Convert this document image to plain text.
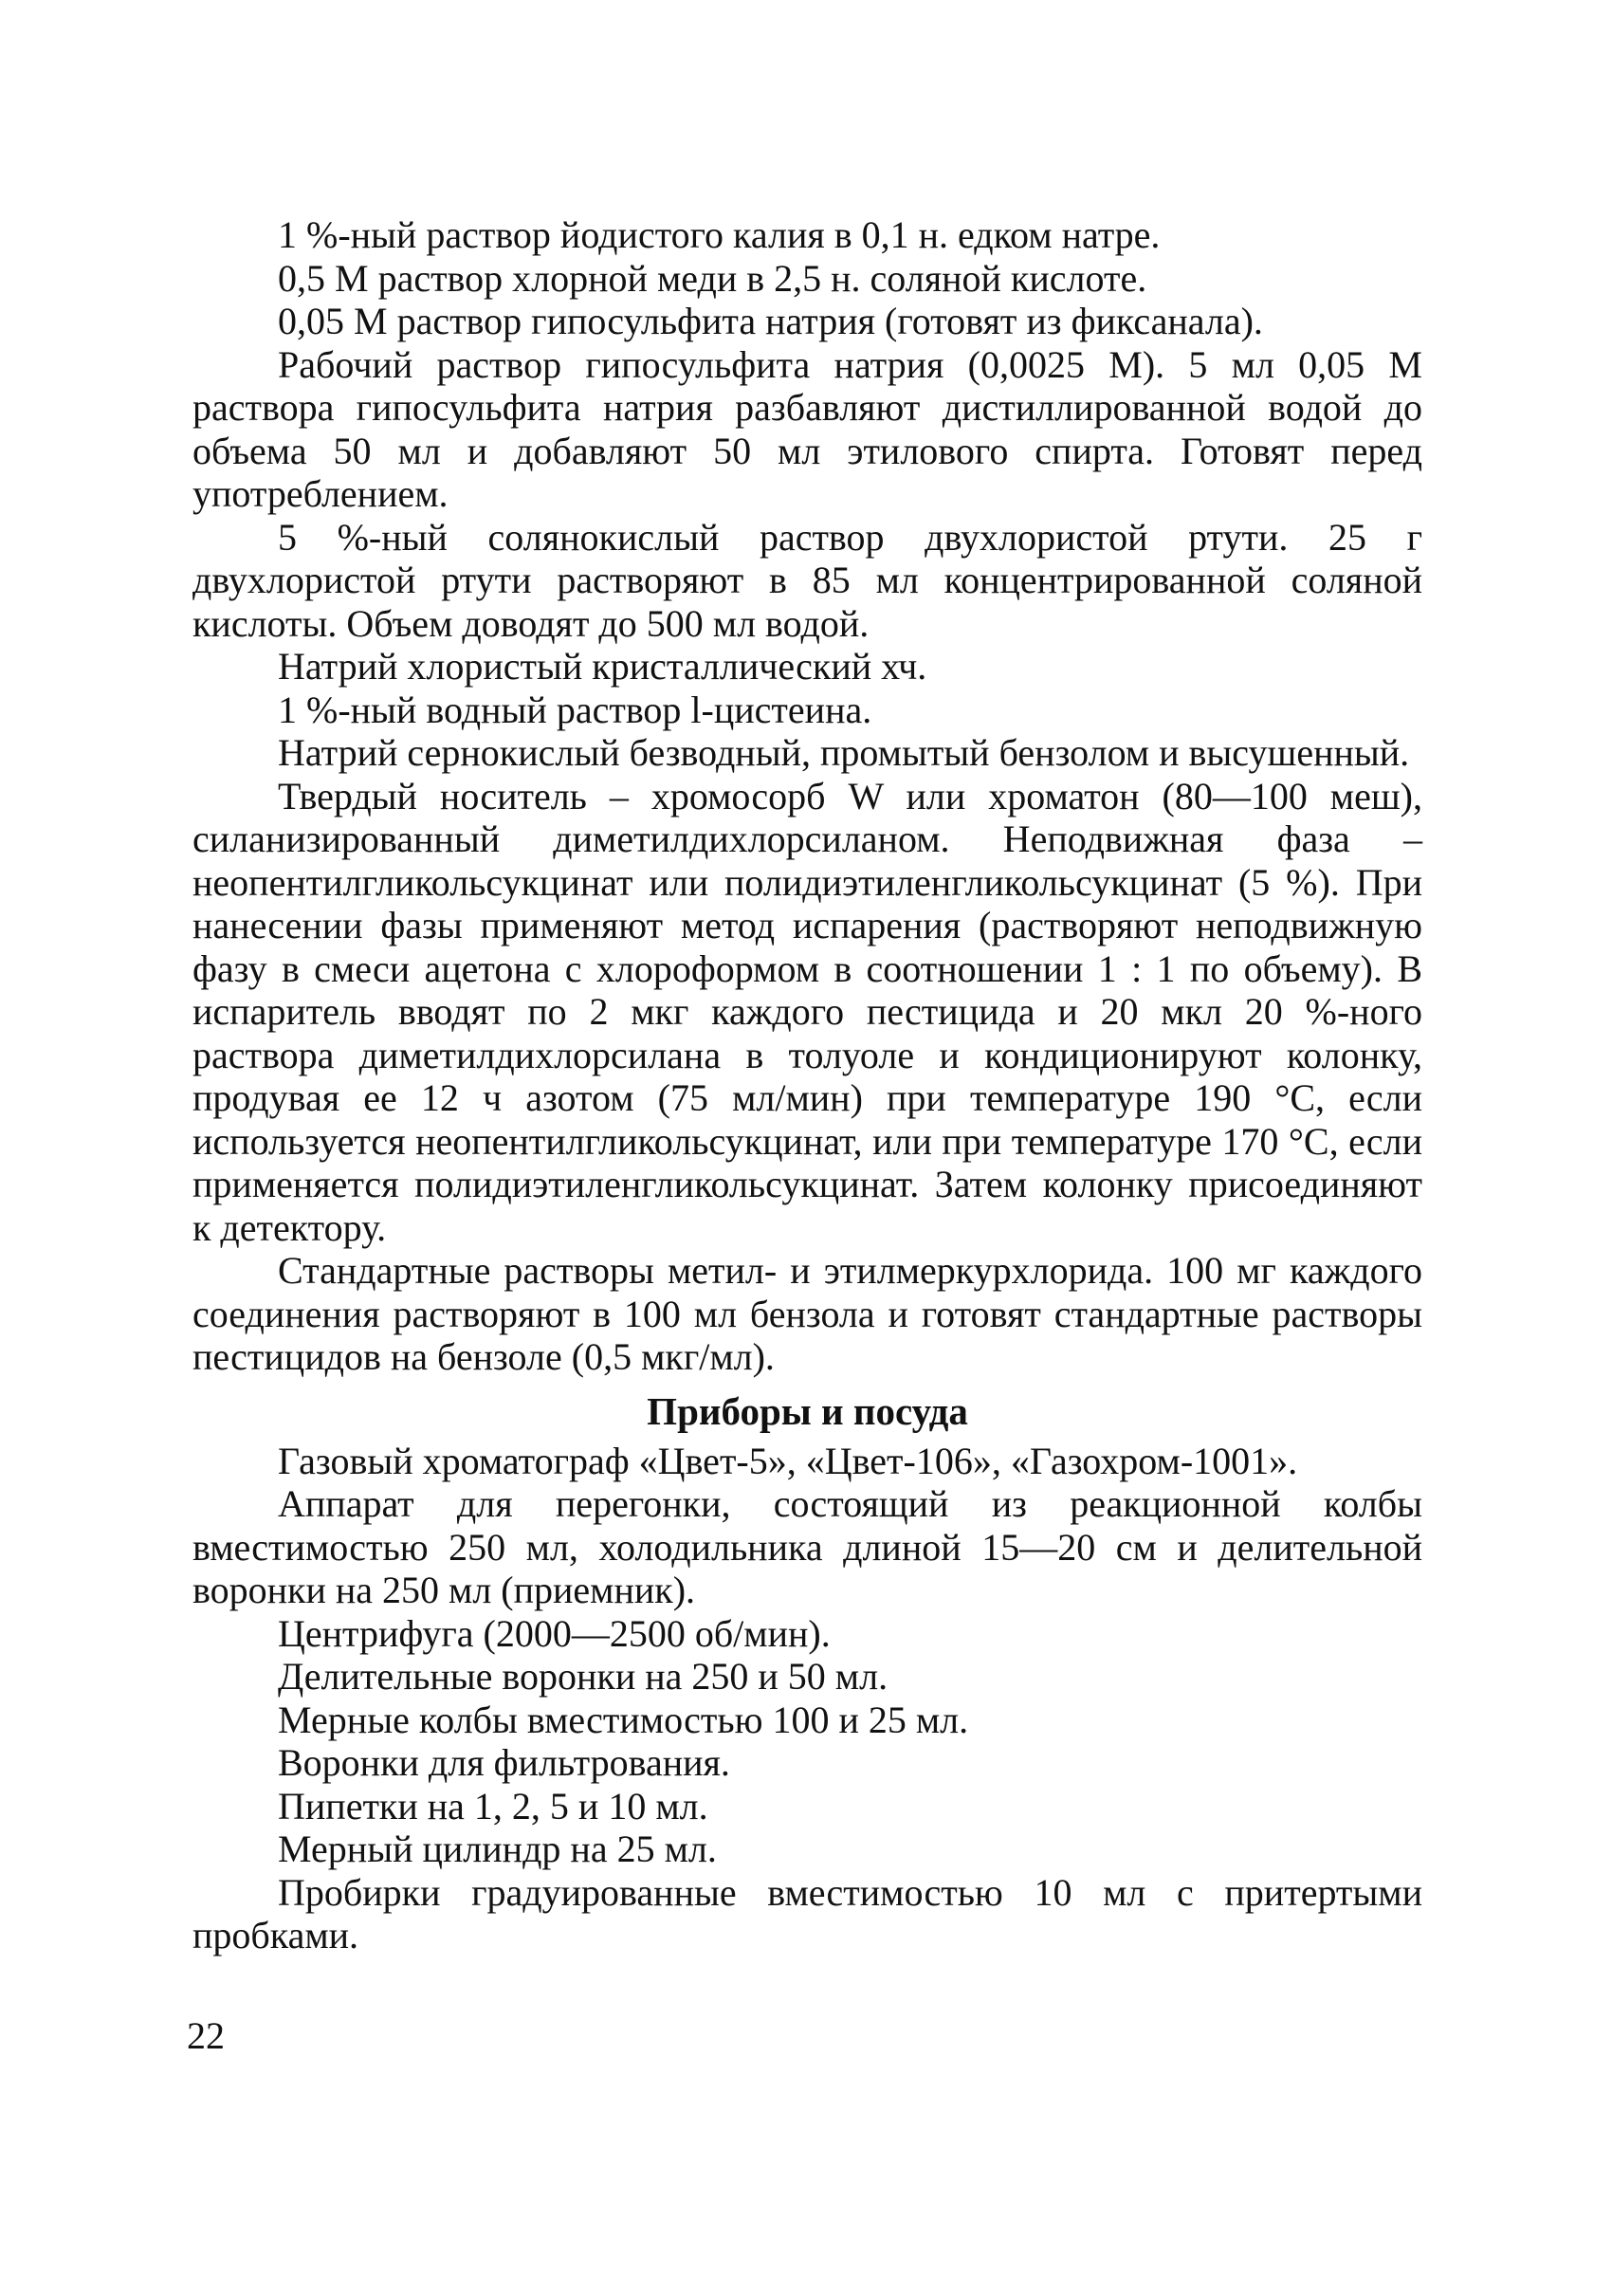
1 %-ный раствор йодистого калия в 0,1 н. едком натре.

0,5 М раствор хлорной меди в 2,5 н. соляной кислоте.

0,05 М раствор гипосульфита натрия (готовят из фиксанала).

Рабочий раствор гипосульфита натрия (0,0025 М). 5 мл 0,05 М раствора гипосульфита натрия разбавляют дистиллированной водой до объема 50 мл и добавляют 50 мл этилового спирта. Готовят перед употреблением.

5 %-ный солянокислый раствор двухлористой ртути. 25 г двухлористой ртути растворяют в 85 мл концентрированной соляной кислоты. Объем доводят до 500 мл водой.

Натрий хлористый кристаллический хч.

1 %-ный водный раствор l-цистеина.

Натрий сернокислый безводный, промытый бензолом и высушенный.

Твердый носитель – хромосорб W или хроматон (80—100 меш), силанизированный диметилдихлорсиланом. Неподвижная фаза – неопентилгликольсукцинат или полидиэтиленгликольсукцинат (5 %). При нанесении фазы применяют метод испарения (растворяют неподвижную фазу в смеси ацетона с хлороформом в соотношении 1 : 1 по объему). В испаритель вводят по 2 мкг каждого пестицида и 20 мкл 20 %-ного раствора диметилдихлорсилана в толуоле и кондиционируют колонку, продувая ее 12 ч азотом (75 мл/мин) при температуре 190 °С, если используется неопентилгликольсукцинат, или при температуре 170 °С, если применяется полидиэтиленгликольсукцинат. Затем колонку присоединяют к детектору.

Стандартные растворы метил- и этилмеркурхлорида. 100 мг каждого соединения растворяют в 100 мл бензола и готовят стандартные растворы пестицидов на бензоле (0,5 мкг/мл).

Приборы и посуда

Газовый хроматограф «Цвет-5», «Цвет-106», «Газохром-1001».

Аппарат для перегонки, состоящий из реакционной колбы вместимостью 250 мл, холодильника длиной 15—20 см и делительной воронки на 250 мл (приемник).

Центрифуга (2000—2500 об/мин).

Делительные воронки на 250 и 50 мл.

Мерные колбы вместимостью 100 и 25 мл.

Воронки для фильтрования.

Пипетки на 1, 2, 5 и 10 мл.

Мерный цилиндр на 25 мл.

Пробирки градуированные вместимостью 10 мл с притертыми пробками.

22
